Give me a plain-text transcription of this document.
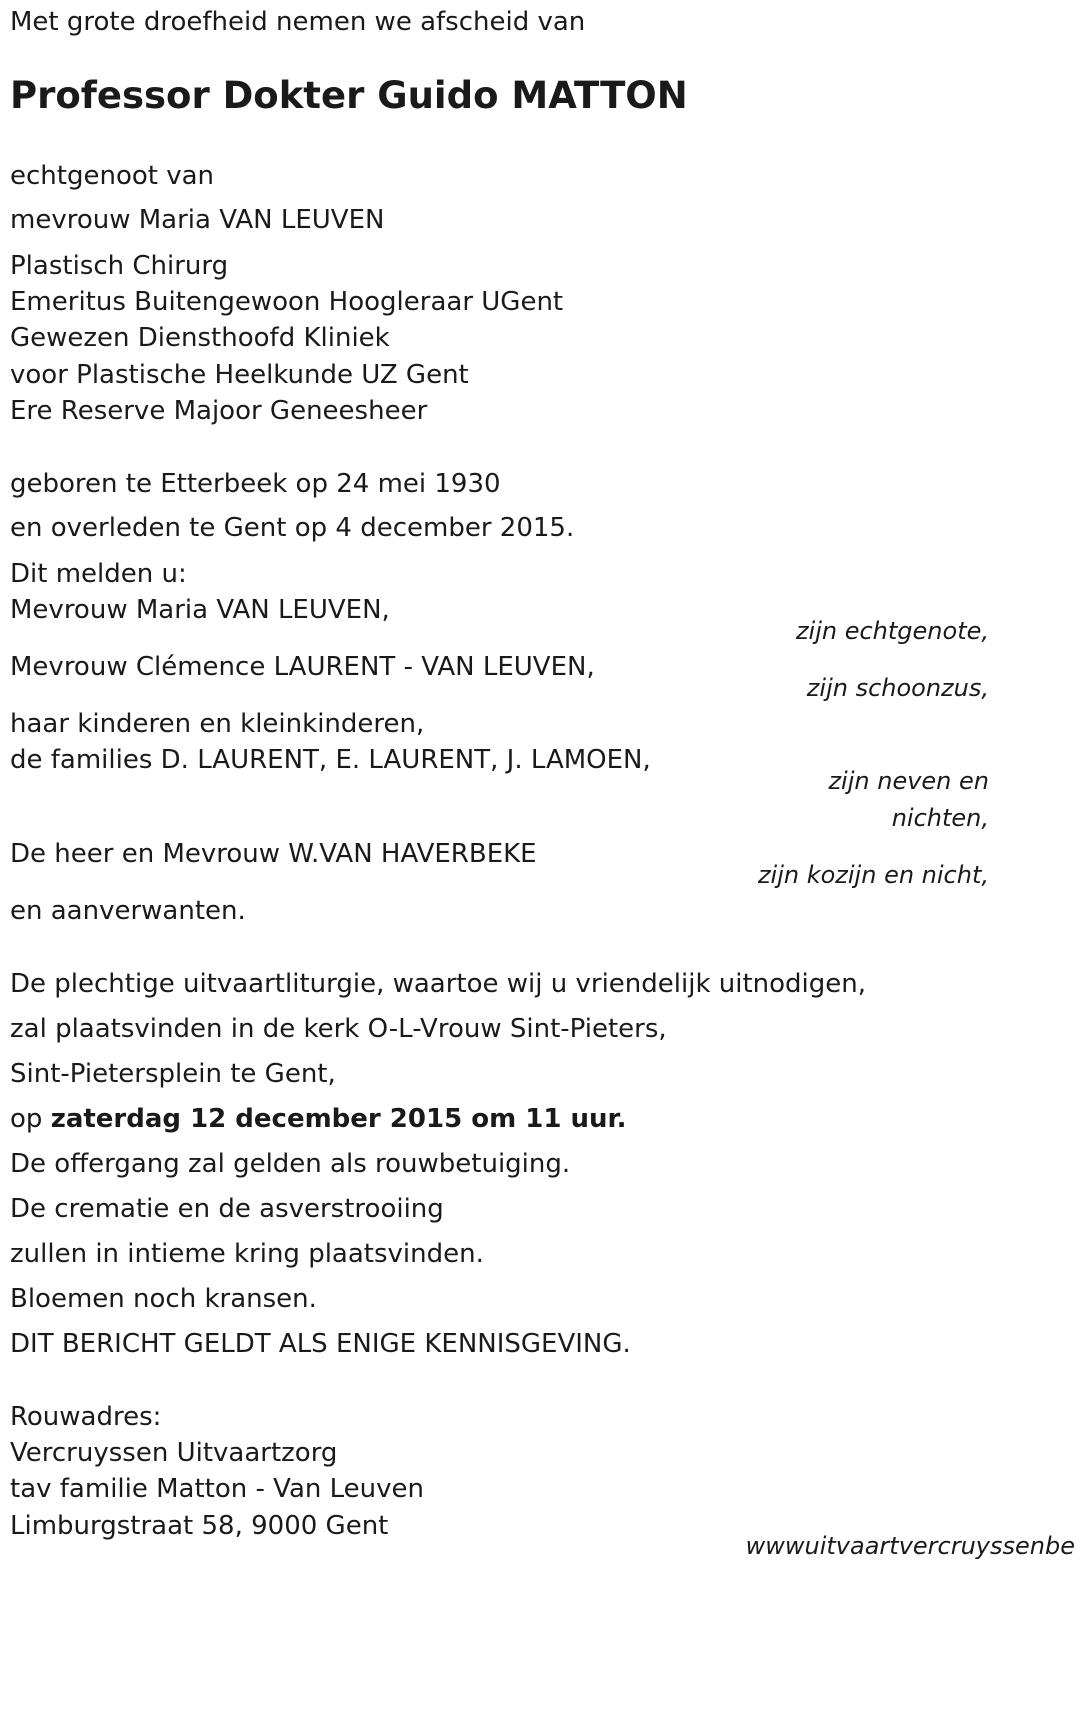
Met grote droefheid nemen we afscheid van
Professor Dokter Guido MATTON
echtgenoot van
mevrouw Maria VAN LEUVEN
Plastisch Chirurg
Emeritus Buitengewoon Hoogleraar UGent
Gewezen Diensthoofd Kliniek
voor Plastische Heelkunde UZ Gent
Ere Reserve Majoor Geneesheer
geboren te Etterbeek op 24 mei 1930
en overleden te Gent op 4 december 2015.
Dit melden u:
Mevrouw Maria VAN LEUVEN,
zijn echtgenote,
Mevrouw Clémence LAURENT - VAN LEUVEN,
zijn schoonzus,
haar kinderen en kleinkinderen,
de families D. LAURENT, E. LAURENT, J. LAMOEN,
zijn neven en
nichten,
De heer en Mevrouw W.VAN HAVERBEKE
zijn kozijn en nicht,
en aanverwanten.
De plechtige uitvaartliturgie, waartoe wij u vriendelijk uitnodigen,
zal plaatsvinden in de kerk O-L-Vrouw Sint-Pieters,
Sint-Pietersplein te Gent,
op zaterdag 12 december 2015 om 11 uur.
De offergang zal gelden als rouwbetuiging.
De crematie en de asverstrooiing
zullen in intieme kring plaatsvinden.
Bloemen noch kransen.
DIT BERICHT GELDT ALS ENIGE KENNISGEVING.
Rouwadres:
Vercruyssen Uitvaartzorg
tav familie Matton - Van Leuven
Limburgstraat 58, 9000 Gent
wwwuitvaartvercruyssenbe
